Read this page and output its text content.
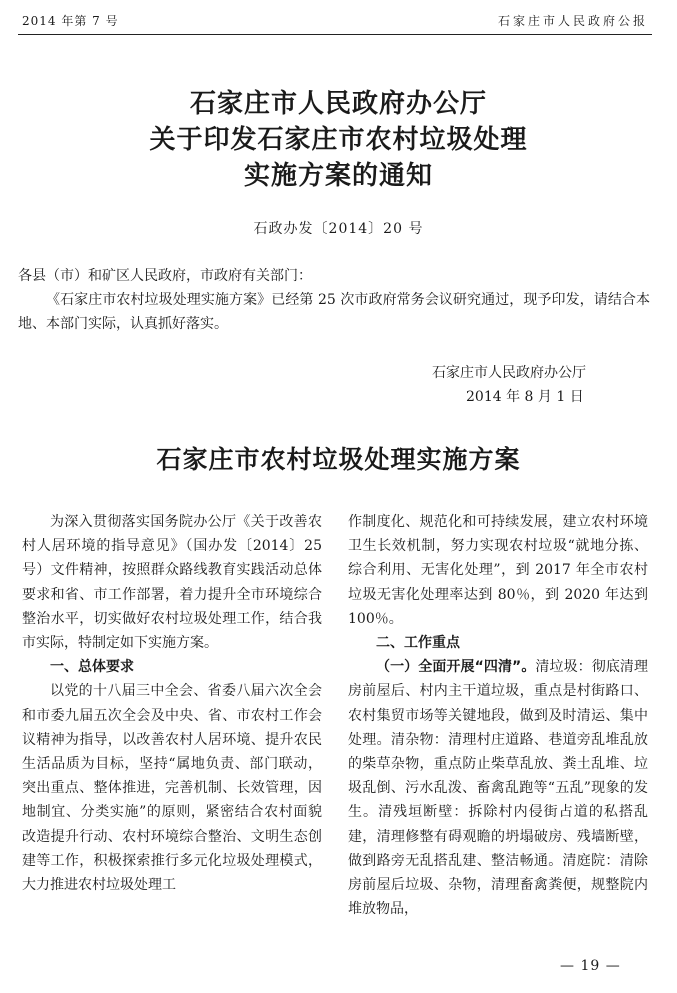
2014 年第 7 号	石家庄市人民政府公报
石家庄市人民政府办公厅
关于印发石家庄市农村垃圾处理
实施方案的通知
石政办发〔2014〕20 号
各县（市）和矿区人民政府，市政府有关部门：
《石家庄市农村垃圾处理实施方案》已经第 25 次市政府常务会议研究通过，现予印发，请结合本地、本部门实际，认真抓好落实。
石家庄市人民政府办公厅
2014 年 8 月 1 日
石家庄市农村垃圾处理实施方案

为深入贯彻落实国务院办公厅《关于改善农村人居环境的指导意见》（国办发〔2014〕25 号）文件精神，按照群众路线教育实践活动总体要求和省、市工作部署，着力提升全市环境综合整治水平，切实做好农村垃圾处理工作，结合我市实际，特制定如下实施方案。

一、总体要求

以党的十八届三中全会、省委八届六次全会和市委九届五次全会及中央、省、市农村工作会议精神为指导，以改善农村人居环境、提升农民生活品质为目标，坚持“属地负责、部门联动，突出重点、整体推进，完善机制、长效管理，因地制宜、分类实施”的原则，紧密结合农村面貌改造提升行动、农村环境综合整治、文明生态创建等工作，积极探索推行多元化垃圾处理模式，大力推进农村垃圾处理工

作制度化、规范化和可持续发展，建立农村环境卫生长效机制，努力实现农村垃圾“就地分拣、综合利用、无害化处理”，到 2017 年全市农村垃圾无害化处理率达到 80％，到 2020 年达到 100％。

二、工作重点

（一）全面开展“四清”。清垃圾：彻底清理房前屋后、村内主干道垃圾，重点是村街路口、农村集贸市场等关键地段，做到及时清运、集中处理。清杂物：清理村庄道路、巷道旁乱堆乱放的柴草杂物，重点防止柴草乱放、粪土乱堆、垃圾乱倒、污水乱泼、畜禽乱跑等“五乱”现象的发生。清残垣断壁：拆除村内侵街占道的私搭乱建，清理修整有碍观瞻的坍塌破房、残墙断壁，做到路旁无乱搭乱建、整洁畅通。清庭院：清除房前屋后垃圾、杂物，清理畜禽粪便，规整院内堆放物品，

— 19 —
